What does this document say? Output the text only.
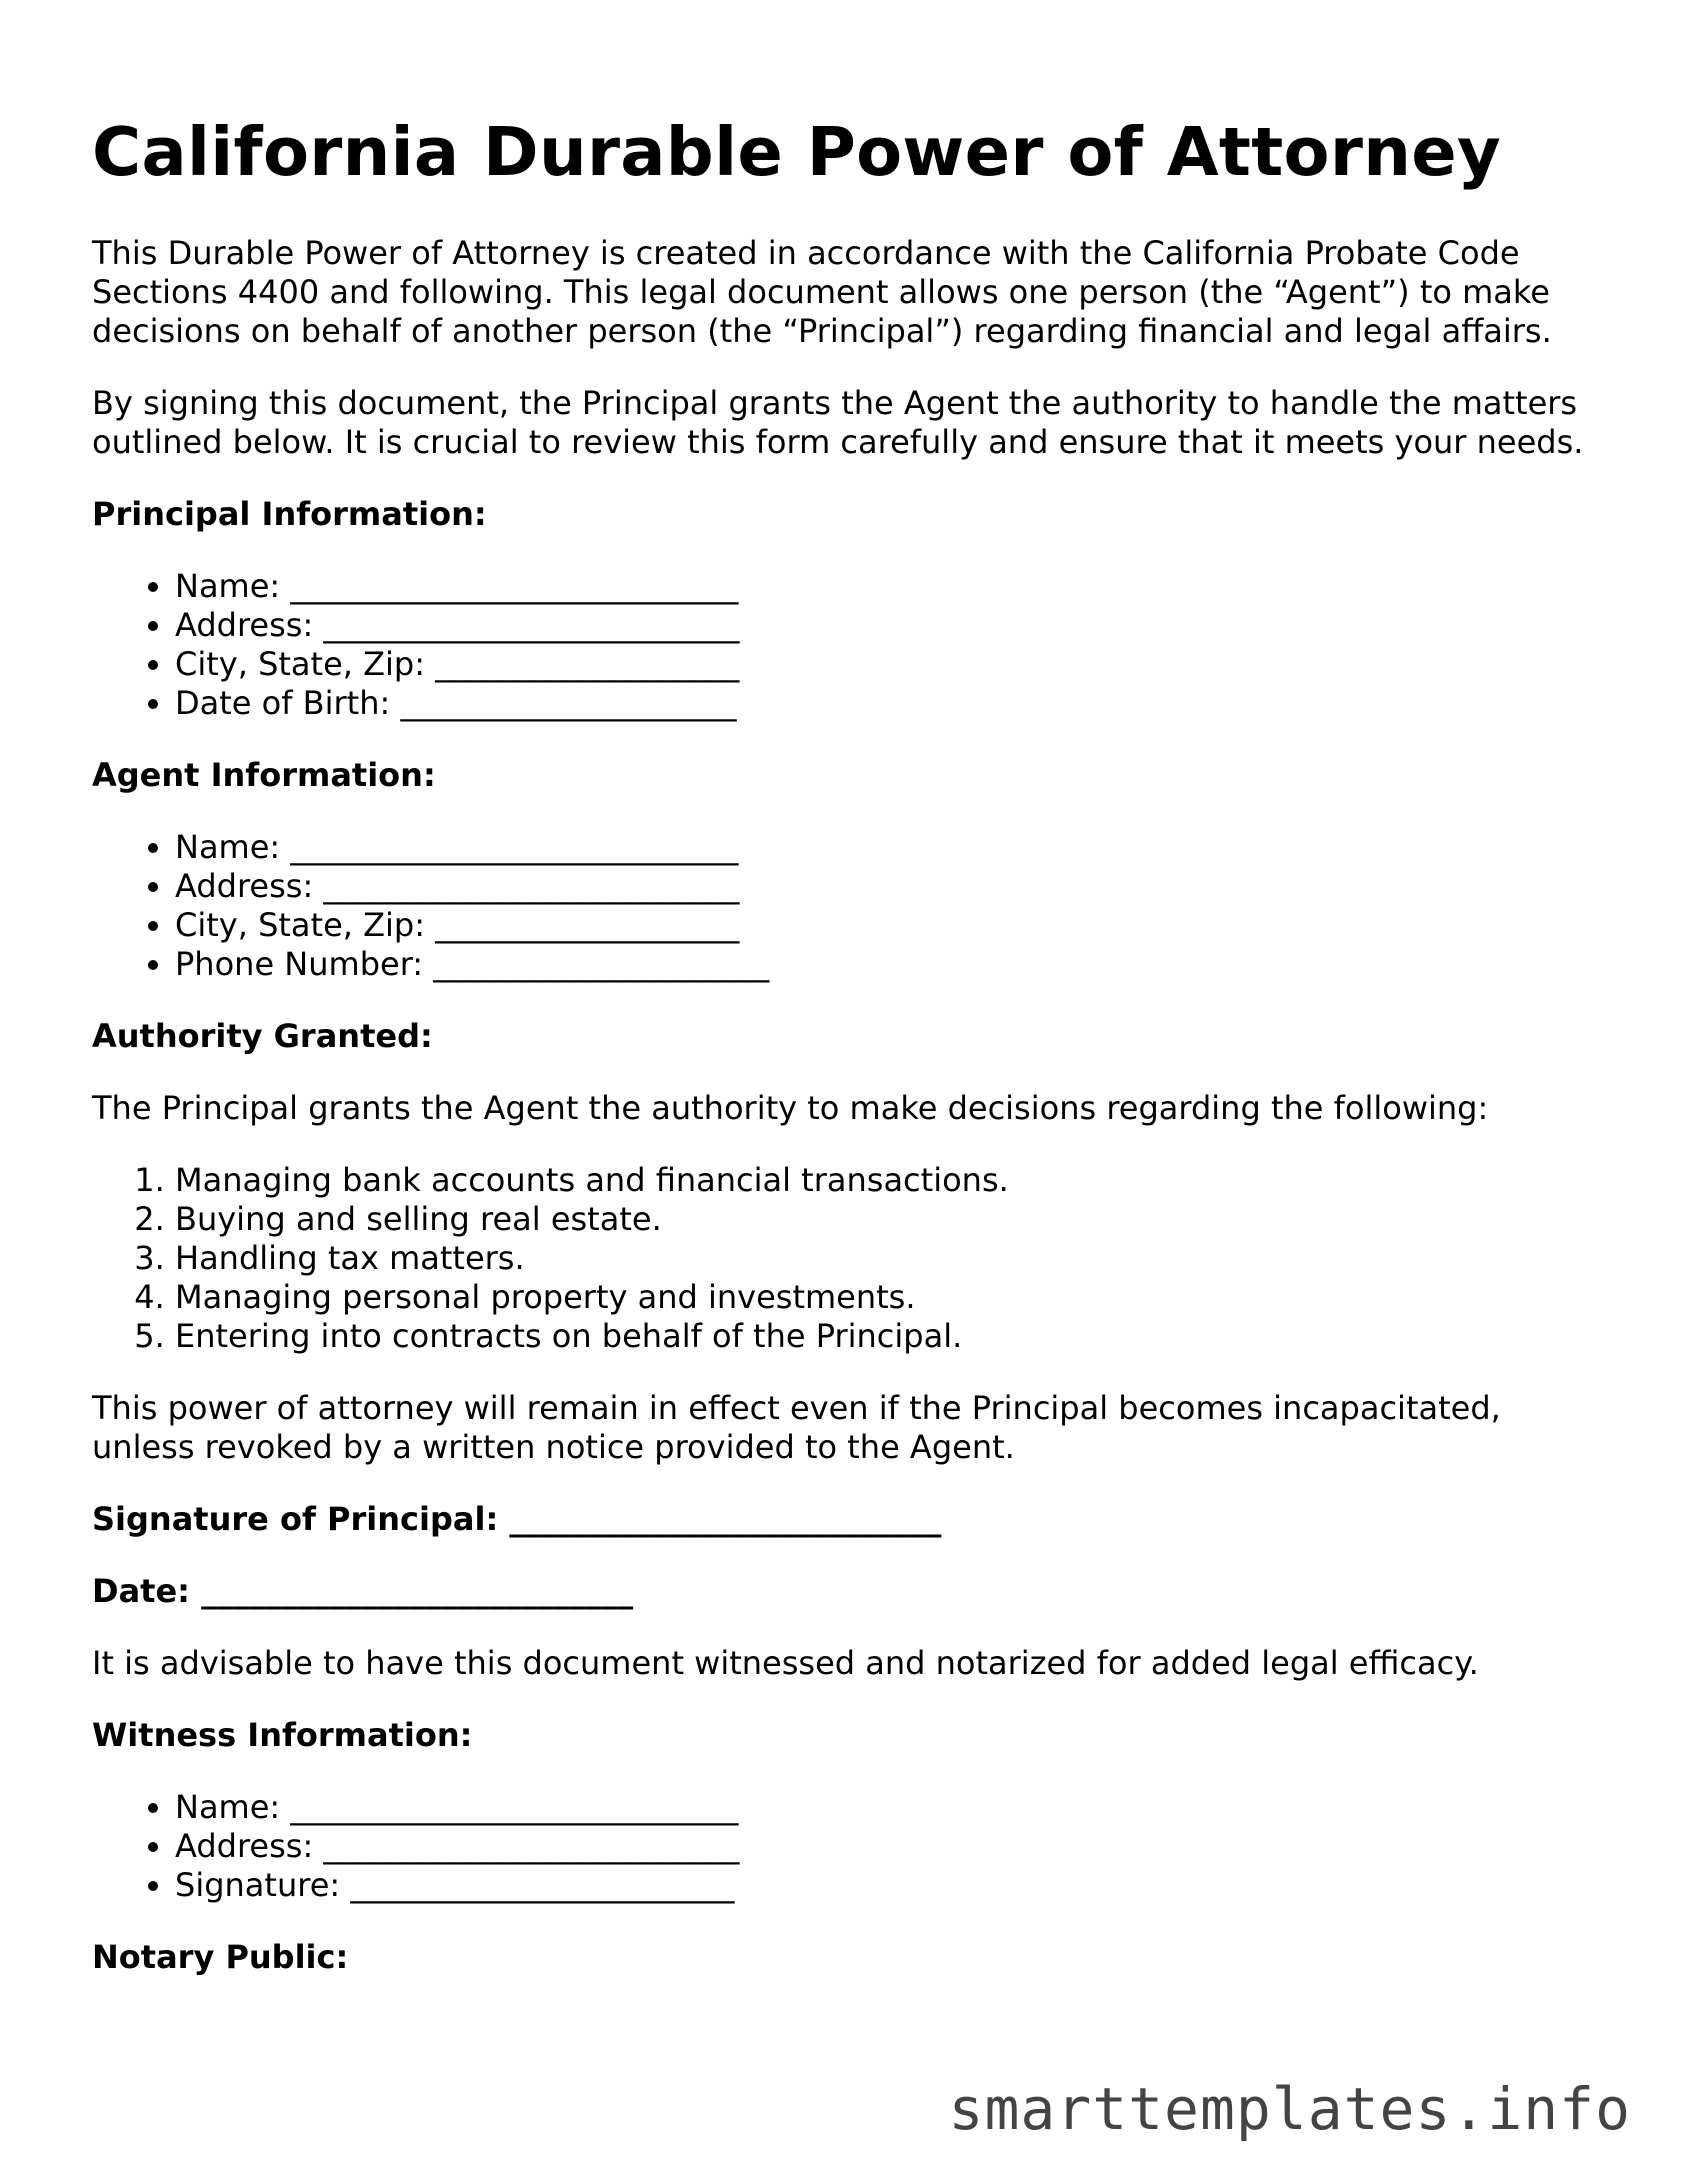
California Durable Power of Attorney

This Durable Power of Attorney is created in accordance with the California Probate Code Sections 4400 and following. This legal document allows one person (the “Agent”) to make decisions on behalf of another person (the “Principal”) regarding financial and legal affairs.

By signing this document, the Principal grants the Agent the authority to handle the matters outlined below. It is crucial to review this form carefully and ensure that it meets your needs.

Principal Information:
• Name: ____________________________
• Address: __________________________
• City, State, Zip: ___________________
• Date of Birth: _____________________
Agent Information:
• Name: ____________________________
• Address: __________________________
• City, State, Zip: ___________________
• Phone Number: _____________________
Authority Granted:

The Principal grants the Agent the authority to make decisions regarding the following:

1. Managing bank accounts and financial transactions.
2. Buying and selling real estate.
3. Handling tax matters.
4. Managing personal property and investments.
5. Entering into contracts on behalf of the Principal.

This power of attorney will remain in effect even if the Principal becomes incapacitated, unless revoked by a written notice provided to the Agent.

Signature of Principal: ___________________________
Date: ___________________________

It is advisable to have this document witnessed and notarized for added legal efficacy.

Witness Information:
• Name: ____________________________
• Address: __________________________
• Signature: ________________________
Notary Public:
smarttemplates.info
